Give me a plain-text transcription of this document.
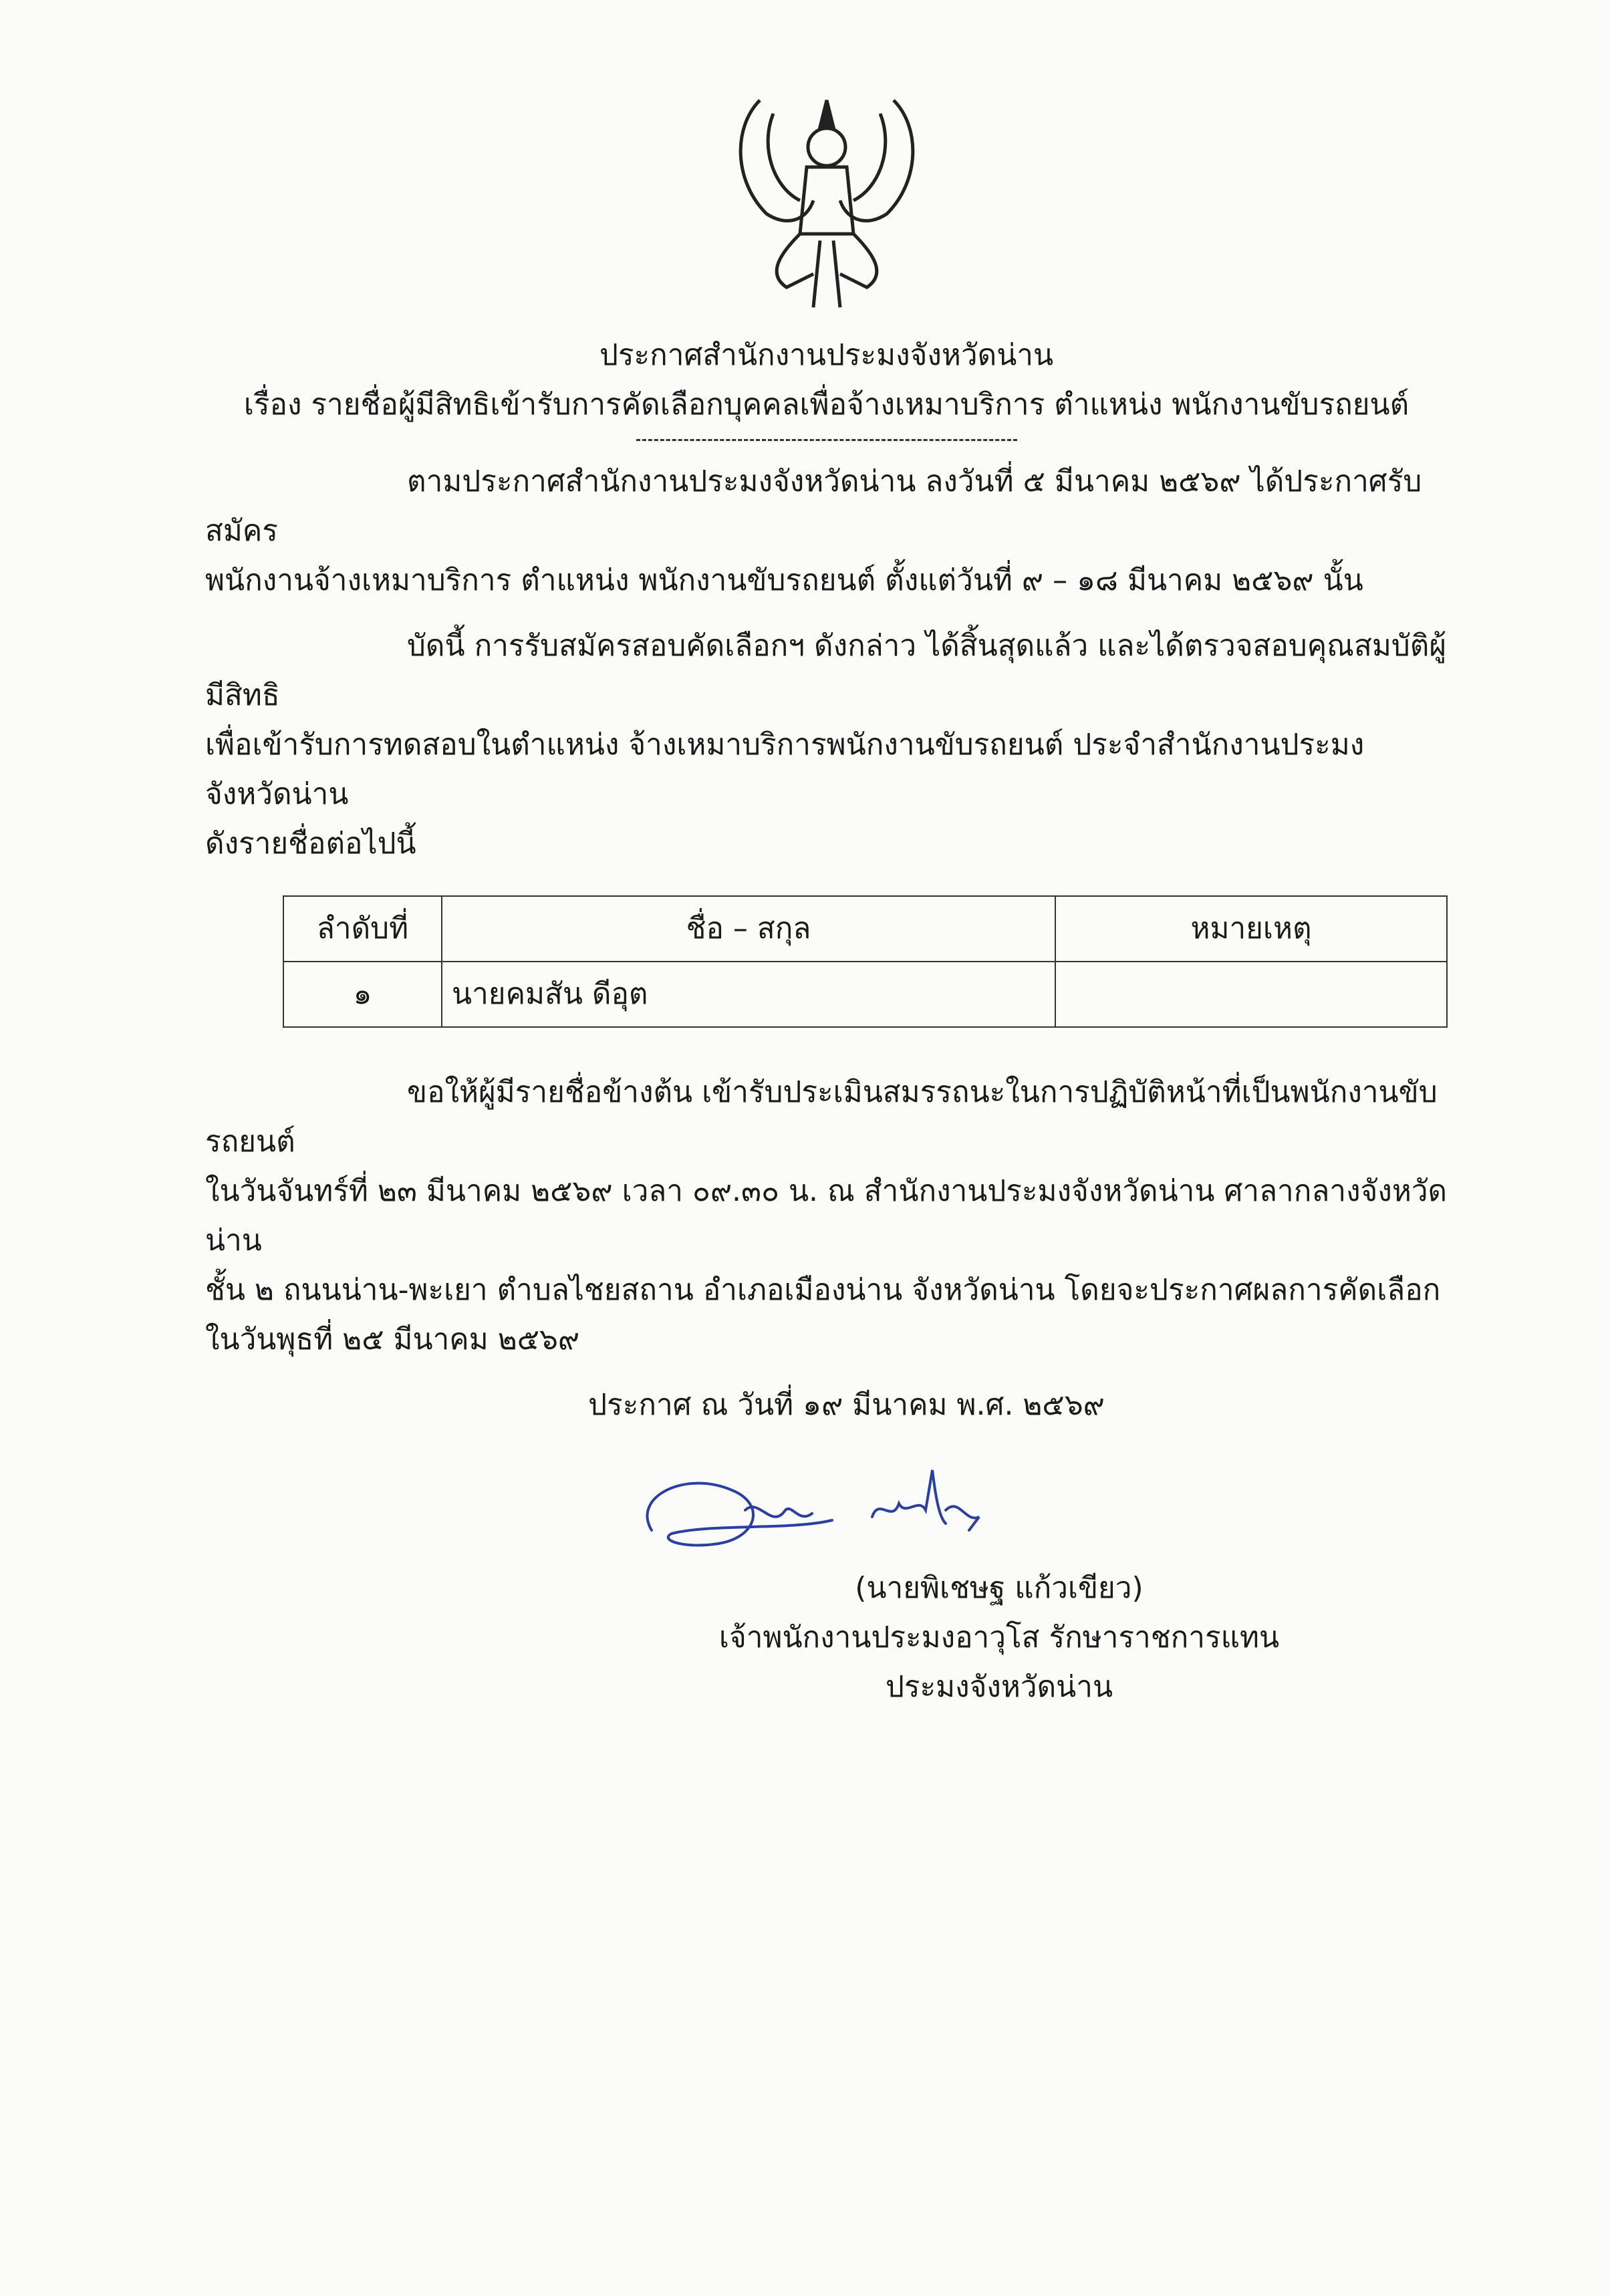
ประกาศสำนักงานประมงจังหวัดน่าน
เรื่อง รายชื่อผู้มีสิทธิเข้ารับการคัดเลือกบุคคลเพื่อจ้างเหมาบริการ ตำแหน่ง พนักงานขับรถยนต์
ตามประกาศสำนักงานประมงจังหวัดน่าน ลงวันที่ ๕ มีนาคม ๒๕๖๙ ได้ประกาศรับสมัคร
พนักงานจ้างเหมาบริการ ตำแหน่ง พนักงานขับรถยนต์ ตั้งแต่วันที่ ๙ – ๑๘ มีนาคม ๒๕๖๙ นั้น
บัดนี้ การรับสมัครสอบคัดเลือกฯ ดังกล่าว ได้สิ้นสุดแล้ว และได้ตรวจสอบคุณสมบัติผู้มีสิทธิ
เพื่อเข้ารับการทดสอบในตำแหน่ง จ้างเหมาบริการพนักงานขับรถยนต์ ประจำสำนักงานประมงจังหวัดน่าน
ดังรายชื่อต่อไปนี้
ลำดับที่	ชื่อ – สกุล	หมายเหตุ
๑	นายคมสัน ดีอุต	
ขอให้ผู้มีรายชื่อข้างต้น เข้ารับประเมินสมรรถนะในการปฏิบัติหน้าที่เป็นพนักงานขับรถยนต์
ในวันจันทร์ที่ ๒๓ มีนาคม ๒๕๖๙ เวลา ๐๙.๓๐ น. ณ สำนักงานประมงจังหวัดน่าน ศาลากลางจังหวัดน่าน
ชั้น ๒ ถนนน่าน-พะเยา ตำบลไชยสถาน อำเภอเมืองน่าน จังหวัดน่าน โดยจะประกาศผลการคัดเลือก
ในวันพุธที่ ๒๕ มีนาคม ๒๕๖๙
ประกาศ ณ วันที่ ๑๙ มีนาคม พ.ศ. ๒๕๖๙
(นายพิเชษฐ แก้วเขียว)
เจ้าพนักงานประมงอาวุโส รักษาราชการแทน
ประมงจังหวัดน่าน
